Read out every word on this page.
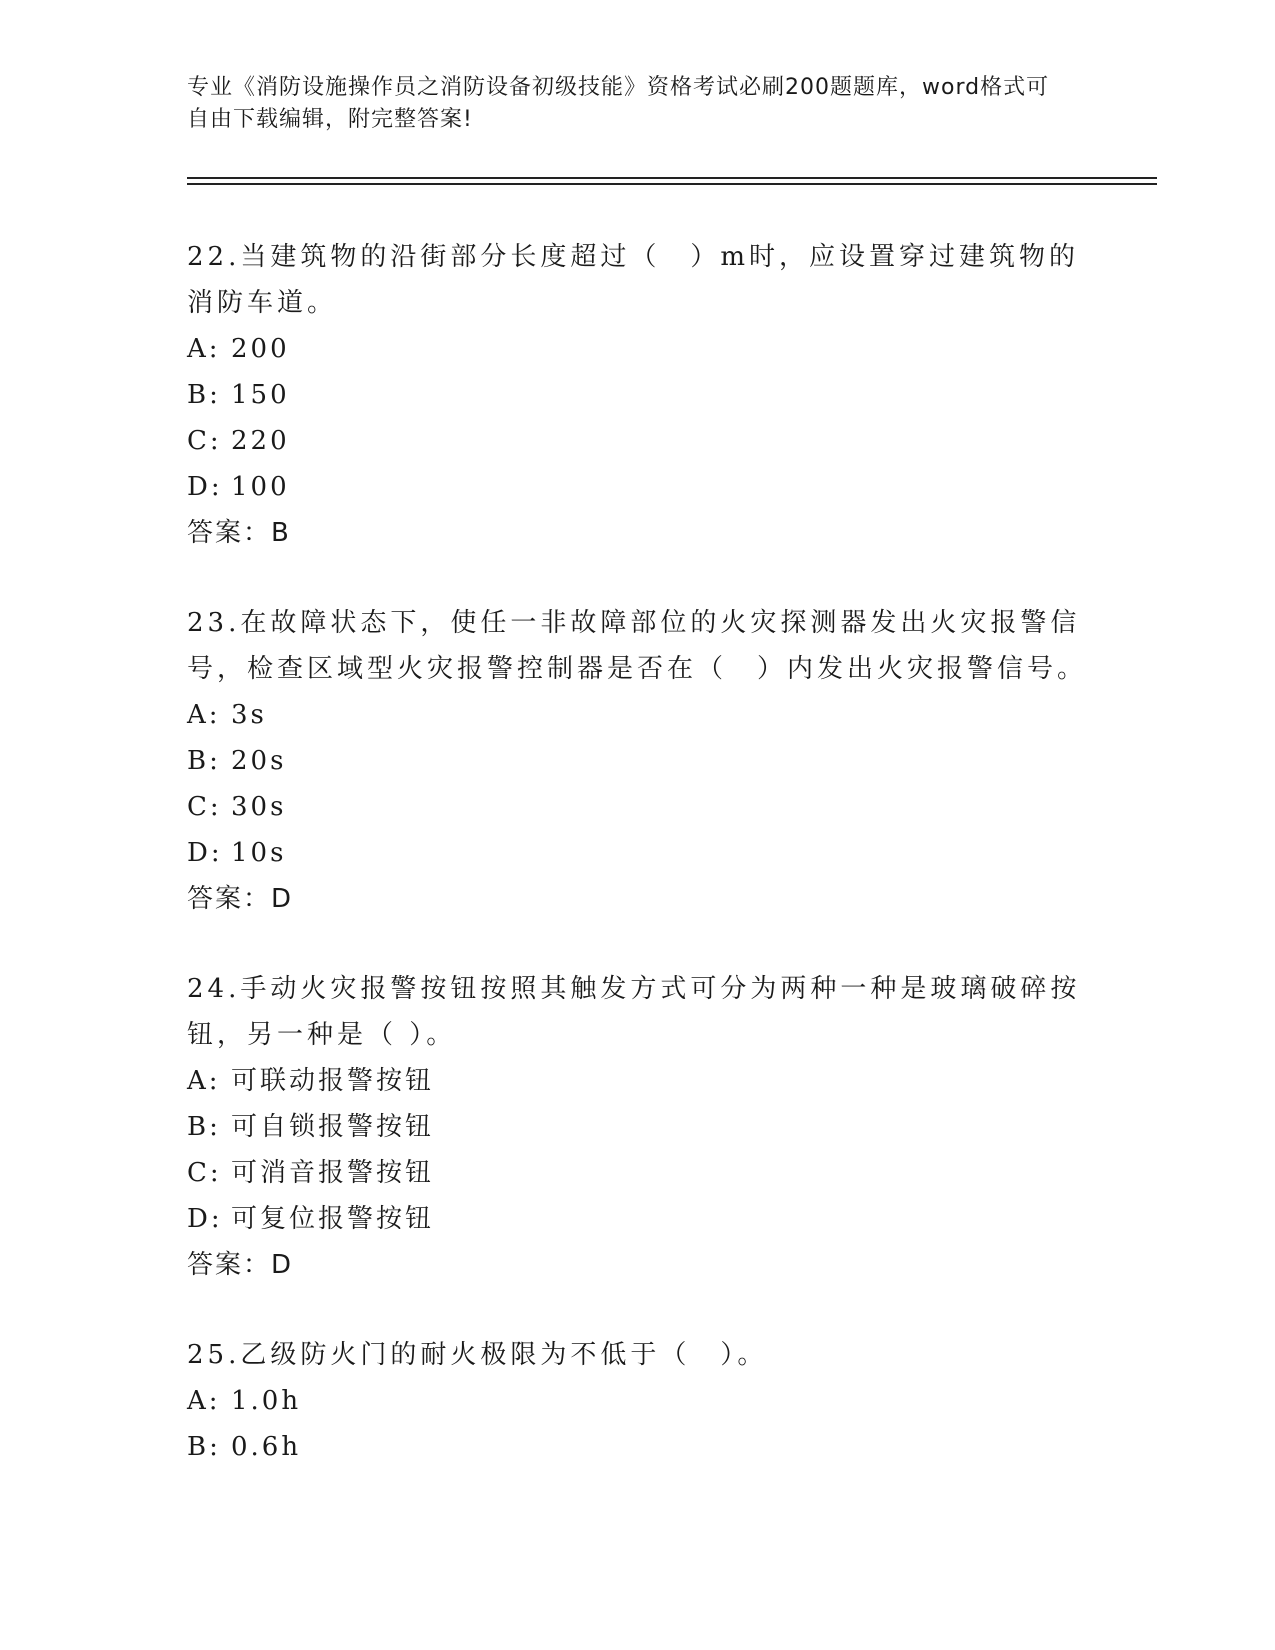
专业《消防设施操作员之消防设备初级技能》资格考试必刷200题题库，word格式可自由下载编辑，附完整答案!

22.当建筑物的沿街部分长度超过（　）m时，应设置穿过建筑物的消防车道。

A: 200

B: 150

C: 220

D: 100

答案：B

23.在故障状态下，使任一非故障部位的火灾探测器发出火灾报警信号，检查区域型火灾报警控制器是否在（　）内发出火灾报警信号。

A: 3s

B: 20s

C: 30s

D: 10s

答案：D

24.手动火灾报警按钮按照其触发方式可分为两种一种是玻璃破碎按钮，另一种是（ ）。

A: 可联动报警按钮

B: 可自锁报警按钮

C: 可消音报警按钮

D: 可复位报警按钮

答案：D

25.乙级防火门的耐火极限为不低于（　）。

A: 1.0h

B: 0.6h
